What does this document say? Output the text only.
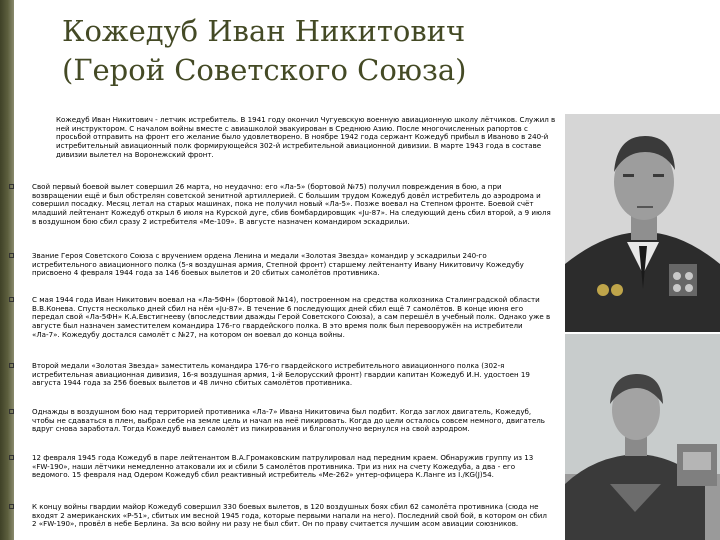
Кожедуб Иван Никитович
(Герой Советского Союза)
Кожедуб Иван Никитович - летчик истребитель. В 1941 году окончил Чугуевскую военную авиационную школу лётчиков. Служил в ней инструктором. С началом войны вместе с авиашколой эвакуирован в Среднюю Азию. После многочисленных рапортов с просьбой отправить на фронт его желание было удовлетворено. В ноябре 1942 года сержант Кожедуб прибыл в Иваново в 240-й истребительный авиационный полк формирующейся 302-й истребительной авиационной дивизии. В марте 1943 года в составе дивизии вылетел на Воронежский фронт.
Свой первый боевой вылет совершил 26 марта, но неудачно: его «Ла-5» (бортовой №75) получил повреждения в бою, а при возвращении ещё и был обстрелян советской зенитной артиллерией. С большим трудом Кожедуб довёл истребитель до аэродрома и совершил посадку. Месяц летал на старых машинах, пока не получил новый «Ла-5». Позже воевал на Степном фронте. Боевой счёт младший лейтенант Кожедуб открыл 6 июля на Курской дуге, сбив бомбардировщик «Ju-87». На следующий день сбил второй, а 9 июля в воздушном бою сбил сразу 2 истребителя «Ме-109». В августе назначен командиром эскадрильи.
Звание Героя Советского Союза с вручением ордена Ленина и медали «Золотая Звезда» командир у эскадрильи 240-го истребительного авиационного полка (5-я воздушная армия, Степной фронт) старшему лейтенанту Ивану Никитовичу Кожедубу присвоено 4 февраля 1944 года за 146 боевых вылетов и 20 сбитых самолётов противника.
С мая 1944 года Иван Никитович воевал на «Ла-5ФН» (бортовой №14), построенном на средства колхозника Сталинградской области В.В.Конева. Спустя несколько дней сбил на нём «Ju-87». В течение 6 последующих дней сбил ещё 7 самолётов. В конце июня его передал свой «Ла-5ФН» К.А.Евстигнееву (впоследствии дважды Герой Советского Союза), а сам перешёл в учебный полк. Однако уже в августе был назначен заместителем командира 176-го гвардейского полка. В это время полк был перевооружён на истребители «Ла-7». Кожедубу достался самолёт с №27, на котором он воевал до конца войны.
Второй медали «Золотая Звезда» заместитель командира 176-го гвардейского истребительного авиационного полка (302-я истребительная авиационная дивизия, 16-я воздушная армия, 1-й Белорусский фронт) гвардии капитан Кожедуб И.Н. удостоен 19 августа 1944 года за 256 боевых вылетов и 48 лично сбитых самолётов противника.
Однажды в воздушном бою над территорией противника «Ла-7» Ивана Никитовича был подбит. Когда заглох двигатель, Кожедуб, чтобы не сдаваться в плен, выбрал себе на земле цель и начал на неё пикировать. Когда до цели осталось совсем немного, двигатель вдруг снова заработал. Тогда Кожедуб вывел самолёт из пикирования и благополучно вернулся на свой аэродром.
12 февраля 1945 года Кожедуб в паре лейтенантом В.А.Громаковским патрулировал над передним краем. Обнаружив группу из 13 «FW-190», наши лётчики немедленно атаковали их и сбили 5 самолётов противника. Три из них на счету Кожедуба, а два - его ведомого. 15 февраля над Одером Кожедуб сбил реактивный истребитель «Ме-262» унтер-офицера К.Ланге из I./KG(J)54.
К концу войны гвардии майор Кожедуб совершил 330 боевых вылетов, в 120 воздушных боях сбил 62 самолёта противника (сюда не входят 2 американских «P-51», сбитых им весной 1945 года, которые первыми напали на него). Последний свой бой, в котором он сбил 2 «FW-190», провёл в небе Берлина. За всю войну ни разу не был сбит. Он по праву считается лучшим асом авиации союзников.
